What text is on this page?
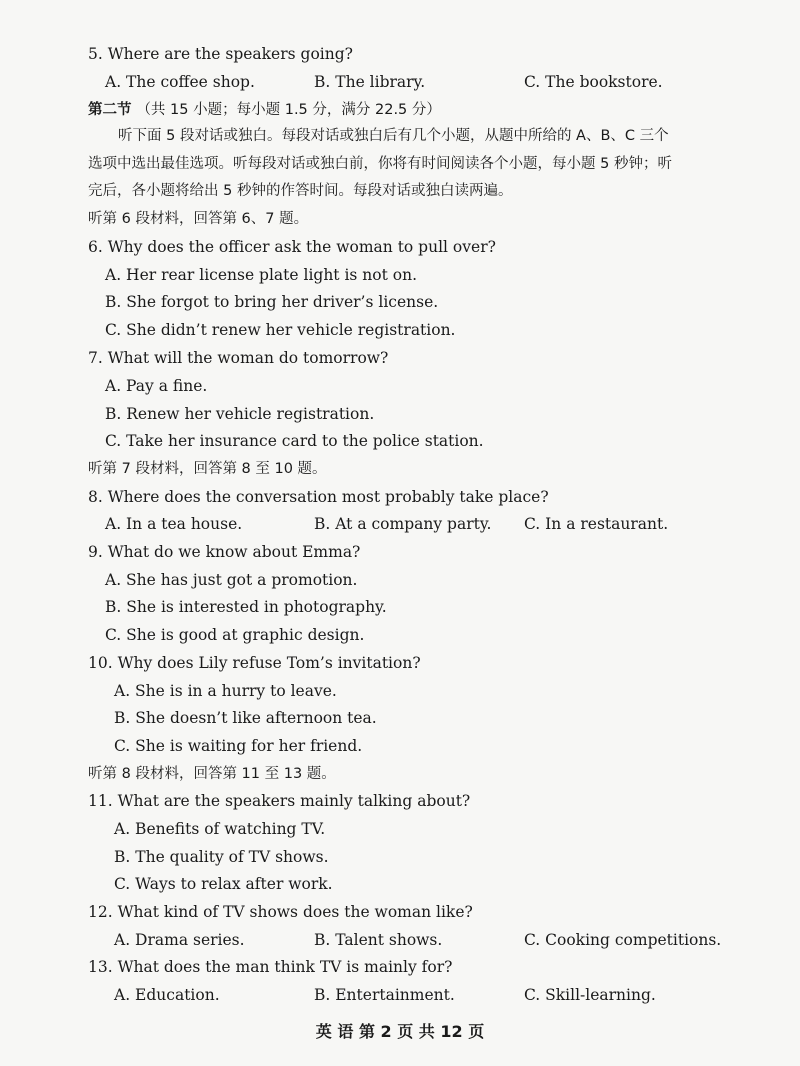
5. Where are the speakers going?
A. The coffee shop.	B. The library.	C. The bookstore.
第二节 （共 15 小题；每小题 1.5 分，满分 22.5 分）
听下面 5 段对话或独白。每段对话或独白后有几个小题，从题中所给的 A、B、C 三个
选项中选出最佳选项。听每段对话或独白前，你将有时间阅读各个小题，每小题 5 秒钟；听
完后，各小题将给出 5 秒钟的作答时间。每段对话或独白读两遍。
听第 6 段材料，回答第 6、7 题。
6. Why does the officer ask the woman to pull over?
A. Her rear license plate light is not on.
B. She forgot to bring her driver’s license.
C. She didn’t renew her vehicle registration.
7. What will the woman do tomorrow?
A. Pay a fine.
B. Renew her vehicle registration.
C. Take her insurance card to the police station.
听第 7 段材料，回答第 8 至 10 题。
8. Where does the conversation most probably take place?
A. In a tea house.	B. At a company party. C. In a restaurant.
9. What do we know about Emma?
A. She has just got a promotion.
B. She is interested in photography.
C. She is good at graphic design.
10. Why does Lily refuse Tom’s invitation?
A. She is in a hurry to leave.
B. She doesn’t like afternoon tea.
C. She is waiting for her friend.
听第 8 段材料，回答第 11 至 13 题。
11. What are the speakers mainly talking about?
A. Benefits of watching TV.
B. The quality of TV shows.
C. Ways to relax after work.
12. What kind of TV shows does the woman like?
A. Drama series.	B. Talent shows.	C. Cooking competitions.
13. What does the man think TV is mainly for?
A. Education.	B. Entertainment.	C. Skill-learning.
英 语 第 2 页 共 12 页
